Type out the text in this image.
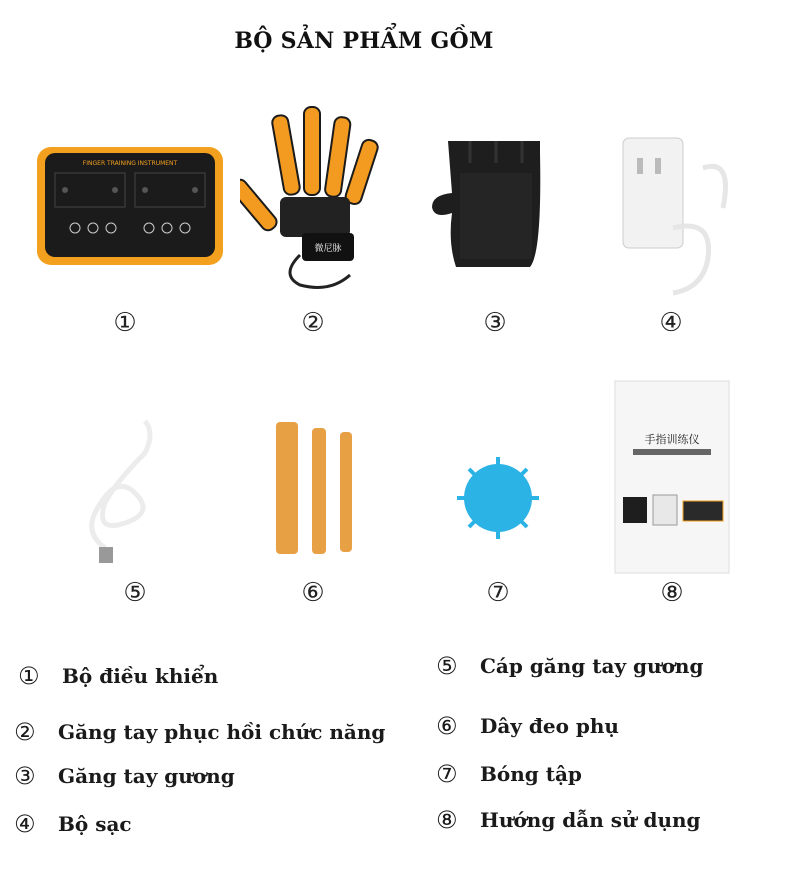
BỘ SẢN PHẨM GỒM
FINGER TRAINING INSTRUMENT
微尼脉
①	②	③	④
手指训练仪
⑤	⑥	⑦	⑧
①	Bộ điều khiển
②	Găng tay phục hồi chức năng
③	Găng tay gương
④	Bộ sạc
⑤	Cáp găng tay gương
⑥	Dây đeo phụ
⑦	Bóng tập
⑧	Hướng dẫn sử dụng
